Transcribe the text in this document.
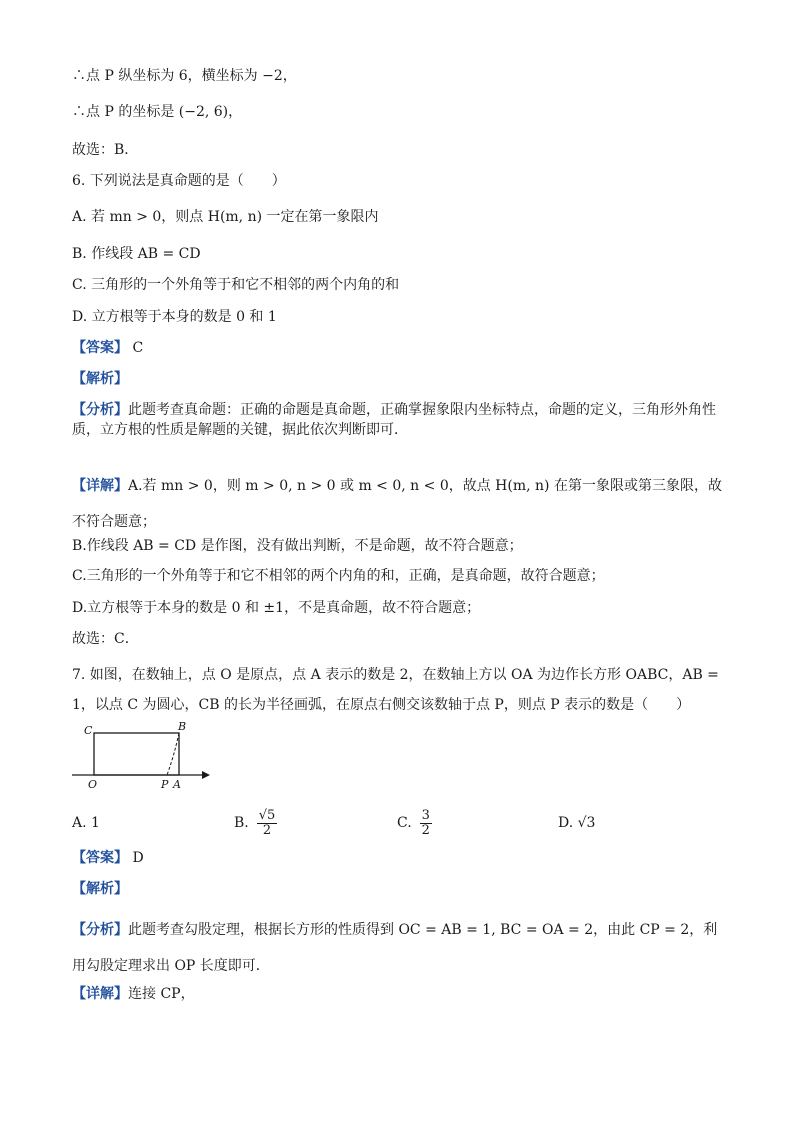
∴点 P 纵坐标为 6，横坐标为 −2，
∴点 P 的坐标是 (−2, 6)，
故选：B．
6. 下列说法是真命题的是（　　）
A. 若 mn > 0，则点 H(m, n) 一定在第一象限内
B. 作线段 AB = CD
C. 三角形的一个外角等于和它不相邻的两个内角的和
D. 立方根等于本身的数是 0 和 1
【答案】 C
【解析】
【分析】此题考查真命题：正确的命题是真命题，正确掌握象限内坐标特点，命题的定义，三角形外角性质，立方根的性质是解题的关键，据此依次判断即可．
【详解】A.若 mn > 0，则 m > 0, n > 0 或 m < 0, n < 0，故点 H(m, n) 在第一象限或第三象限，故不符合题意；
B.作线段 AB = CD 是作图，没有做出判断，不是命题，故不符合题意；
C.三角形的一个外角等于和它不相邻的两个内角的和，正确，是真命题，故符合题意；
D.立方根等于本身的数是 0 和 ±1，不是真命题，故不符合题意；
故选：C．
7. 如图，在数轴上，点 O 是原点，点 A 表示的数是 2，在数轴上方以 OA 为边作长方形 OABC，AB = 1，以点 C 为圆心，CB 的长为半径画弧，在原点右侧交该数轴于点 P，则点 P 表示的数是（　　）
C	B
O	P A
A. 1	B. $\frac{√5}{2}$	C. $\frac{3}{2}$	D. √3
【答案】 D
【解析】
【分析】此题考查勾股定理，根据长方形的性质得到 OC = AB = 1, BC = OA = 2，由此 CP = 2，利用勾股定理求出 OP 长度即可．
【详解】连接 CP，
